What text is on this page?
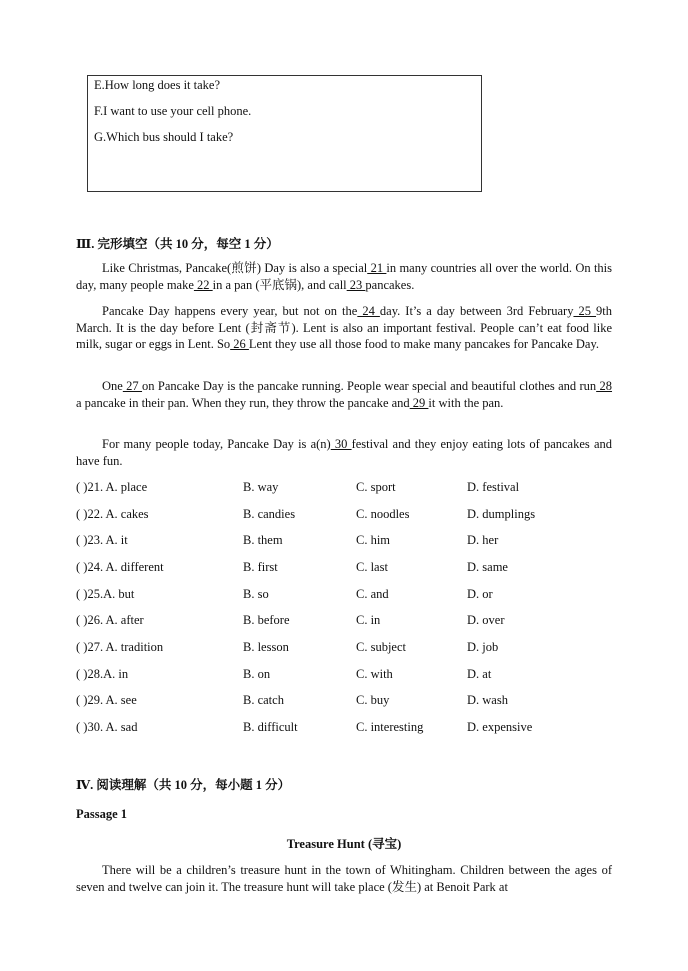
E.How long does it take?
F.I want to use your cell phone.
G.Which bus should I take?
Ⅲ. 完形填空（共 10 分，每空 1 分）
Like Christmas, Pancake(煎饼) Day is also a special 21 in many countries all over the world. On this day, many people make 22 in a pan (平底锅), and call 23 pancakes.
Pancake Day happens every year, but not on the 24 day. It’s a day between 3rd February 25 9th March. It is the day before Lent (封斋节). Lent is also an important festival. People can’t eat food like milk, sugar or eggs in Lent. So 26 Lent they use all those food to make many pancakes for Pancake Day.
One 27 on Pancake Day is the pancake running. People wear special and beautiful clothes and run 28 a pancake in their pan. When they run, they throw the pancake and 29 it with the pan.
For many people today, Pancake Day is a(n) 30 festival and they enjoy eating lots of pancakes and have fun.
( )21. A. place	B. way	C. sport	D. festival
( )22. A. cakes	B. candies	C. noodles	D. dumplings
( )23. A. it	B. them	C. him	D. her
( )24. A. different	B. first	C. last	D. same
( )25.A. but	B. so	C. and	D. or
( )26. A. after	B. before	C. in	D. over
( )27. A. tradition	B. lesson	C. subject	D. job
( )28.A. in	B. on	C. with	D. at
( )29. A. see	B. catch	C. buy	D. wash
( )30. A. sad	B. difficult	C. interesting	D. expensive
Ⅳ. 阅读理解（共 10 分，每小题 1 分）
Passage 1
Treasure Hunt (寻宝)
There will be a children’s treasure hunt in the town of Whitingham. Children between the ages of seven and twelve can join it. The treasure hunt will take place (发生) at Benoit Park at
